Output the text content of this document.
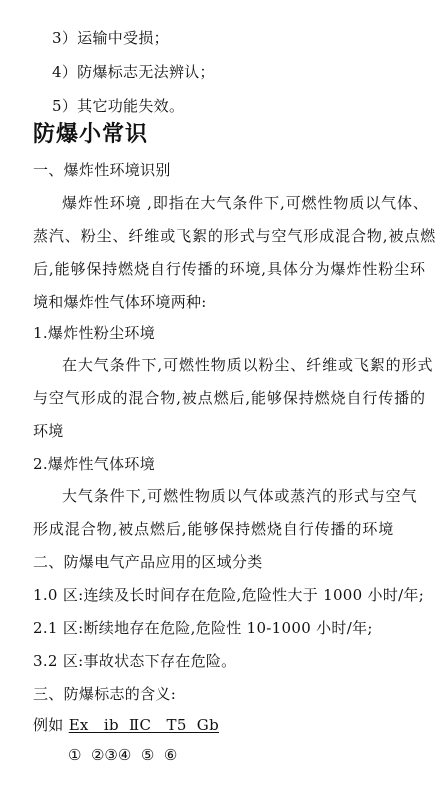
3）运输中受损；
4）防爆标志无法辨认；
5）其它功能失效。
防爆小常识
一、爆炸性环境识别
爆炸性环境 ,即指在大气条件下,可燃性物质以气体、
蒸汽、粉尘、纤维或飞絮的形式与空气形成混合物,被点燃
后,能够保持燃烧自行传播的环境,具体分为爆炸性粉尘环
境和爆炸性气体环境两种:
1.爆炸性粉尘环境
在大气条件下,可燃性物质以粉尘、纤维或飞絮的形式
与空气形成的混合物,被点燃后,能够保持燃烧自行传播的
环境
2.爆炸性气体环境
大气条件下,可燃性物质以气体或蒸汽的形式与空气
形成混合物,被点燃后,能够保持燃烧自行传播的环境
二、防爆电气产品应用的区域分类
1.0 区:连续及长时间存在危险,危险性大于 1000 小时/年;
2.1 区:断续地存在危险,危险性 10-1000 小时/年;
3.2 区:事故状态下存在危险。
三、防爆标志的含义:
例如 Ex   ib  ⅡC   T5  Gb
①  ②③④  ⑤  ⑥
